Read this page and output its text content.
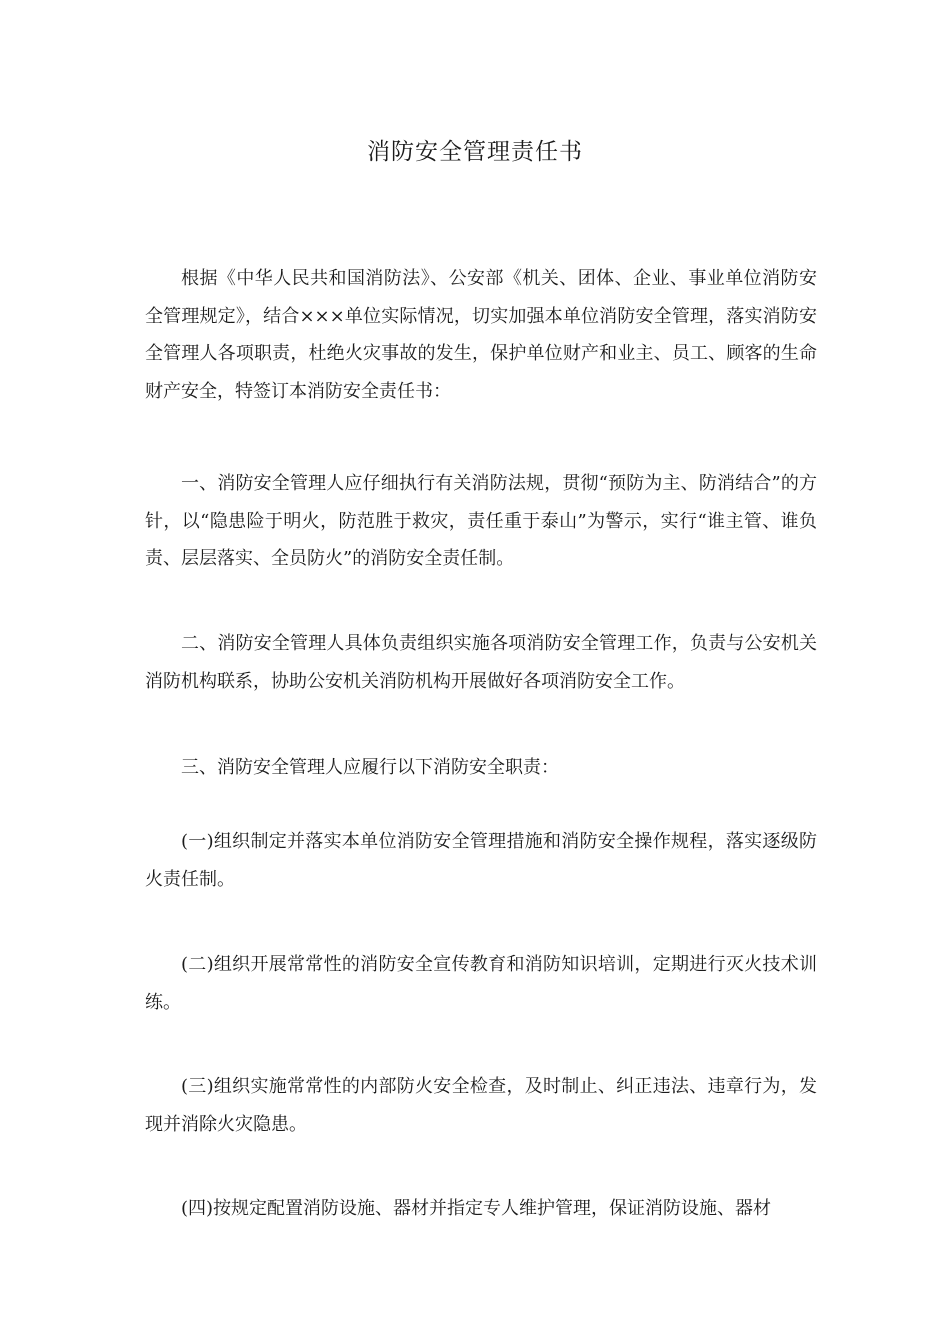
消防安全管理责任书

根据《中华人民共和国消防法》、公安部《机关、团体、企业、事业单位消防安全管理规定》，结合×××单位实际情况，切实加强本单位消防安全管理，落实消防安全管理人各项职责，杜绝火灾事故的发生，保护单位财产和业主、员工、顾客的生命财产安全，特签订本消防安全责任书：

一、消防安全管理人应仔细执行有关消防法规，贯彻“预防为主、防消结合”的方针，以“隐患险于明火，防范胜于救灾，责任重于泰山”为警示，实行“谁主管、谁负责、层层落实、全员防火”的消防安全责任制。

二、消防安全管理人具体负责组织实施各项消防安全管理工作，负责与公安机关消防机构联系，协助公安机关消防机构开展做好各项消防安全工作。

三、消防安全管理人应履行以下消防安全职责：

(一)组织制定并落实本单位消防安全管理措施和消防安全操作规程，落实逐级防火责任制。

(二)组织开展常常性的消防安全宣传教育和消防知识培训，定期进行灭火技术训练。

(三)组织实施常常性的内部防火安全检查，及时制止、纠正违法、违章行为，发现并消除火灾隐患。

(四)按规定配置消防设施、器材并指定专人维护管理，保证消防设施、器材
